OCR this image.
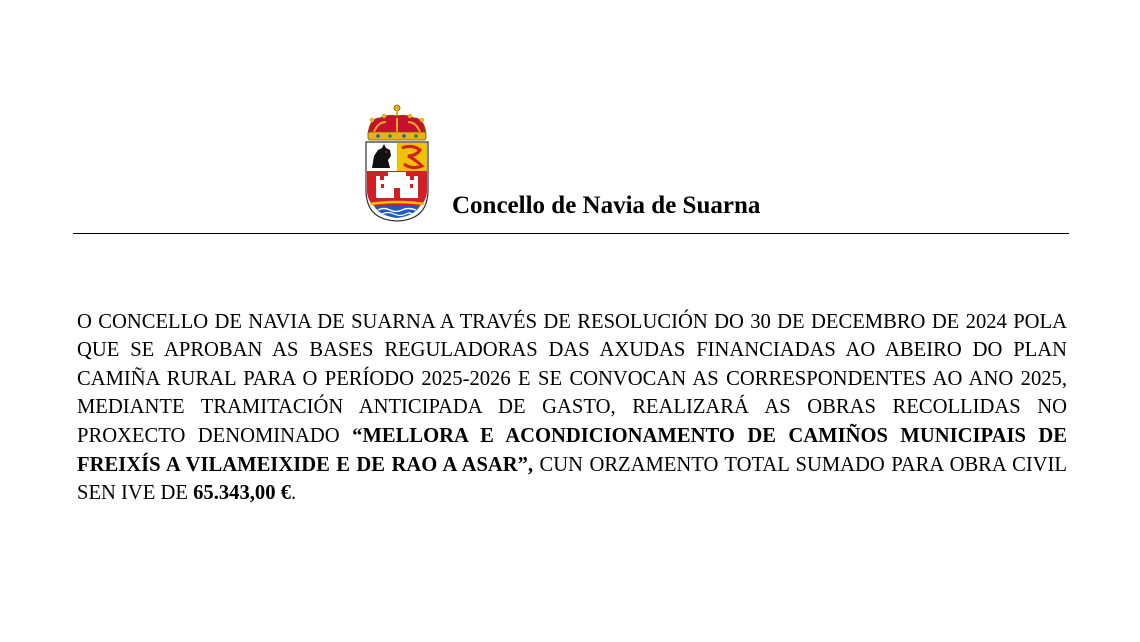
Concello de Navia de Suarna

O CONCELLO DE NAVIA DE SUARNA A TRAVÉS DE RESOLUCIÓN DO 30 DE DECEMBRO DE 2024 POLA QUE SE APROBAN AS BASES REGULADORAS DAS AXUDAS FINANCIADAS AO ABEIRO DO PLAN CAMIÑA RURAL PARA O PERÍODO 2025-2026 E SE CONVOCAN AS CORRESPONDENTES AO ANO 2025, MEDIANTE TRAMITACIÓN ANTICIPADA DE GASTO, REALIZARÁ AS OBRAS RECOLLIDAS NO PROXECTO DENOMINADO “MELLORA E ACONDICIONAMENTO DE CAMIÑOS MUNICIPAIS DE FREIXÍS A VILAMEIXIDE E DE RAO A ASAR”, CUN ORZAMENTO TOTAL SUMADO PARA OBRA CIVIL SEN IVE DE 65.343,00 €.
